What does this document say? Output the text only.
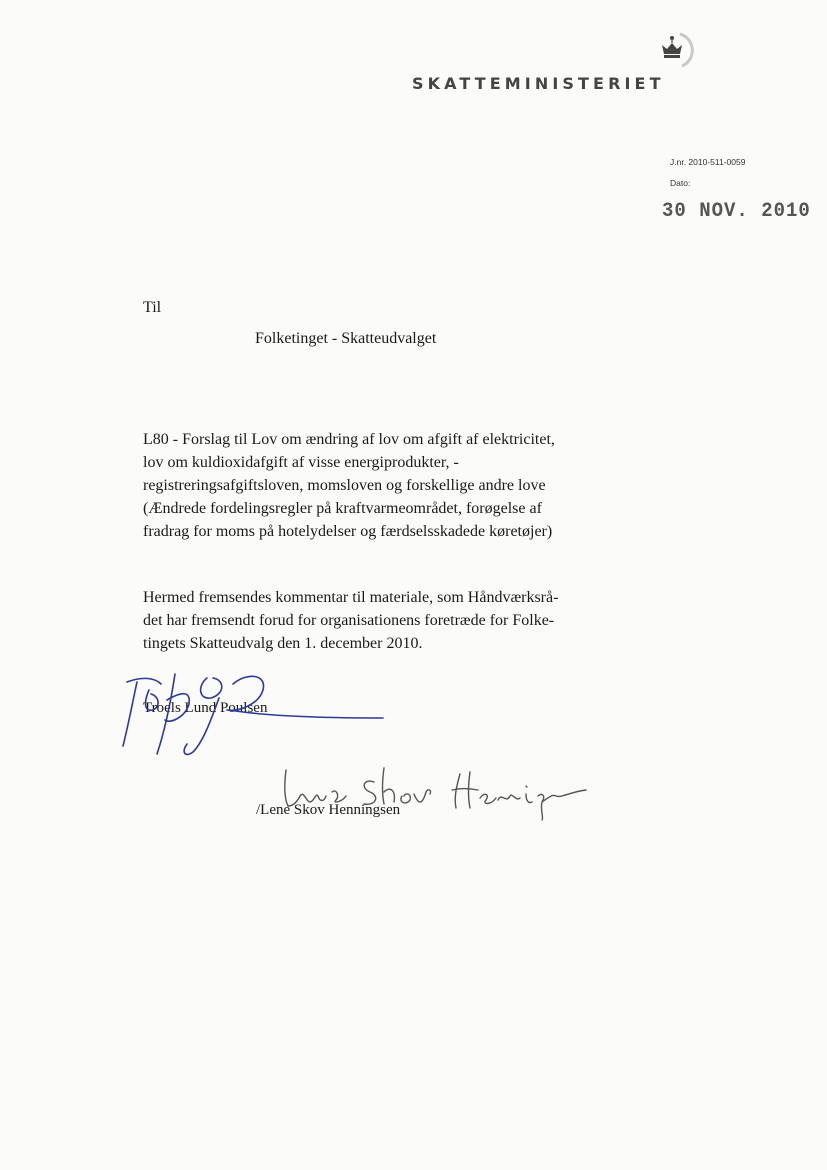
SKATTEMINISTERIET
J.nr. 2010-511-0059
Dato:
30 NOV. 2010
Til
Folketinget - Skatteudvalget
L80 - Forslag til Lov om ændring af lov om afgift af elektricitet,
lov om kuldioxidafgift af visse energiprodukter, -
registreringsafgiftsloven, momsloven og forskellige andre love
(Ændrede fordelingsregler på kraftvarmeområdet, forøgelse af
fradrag for moms på hotelydelser og færdselsskadede køretøjer)
Hermed fremsendes kommentar til materiale, som Håndværksrå-
det har fremsendt forud for organisationens foretræde for Folke-
tingets Skatteudvalg den 1. december 2010.
Troels Lund Poulsen
/Lene Skov Henningsen
